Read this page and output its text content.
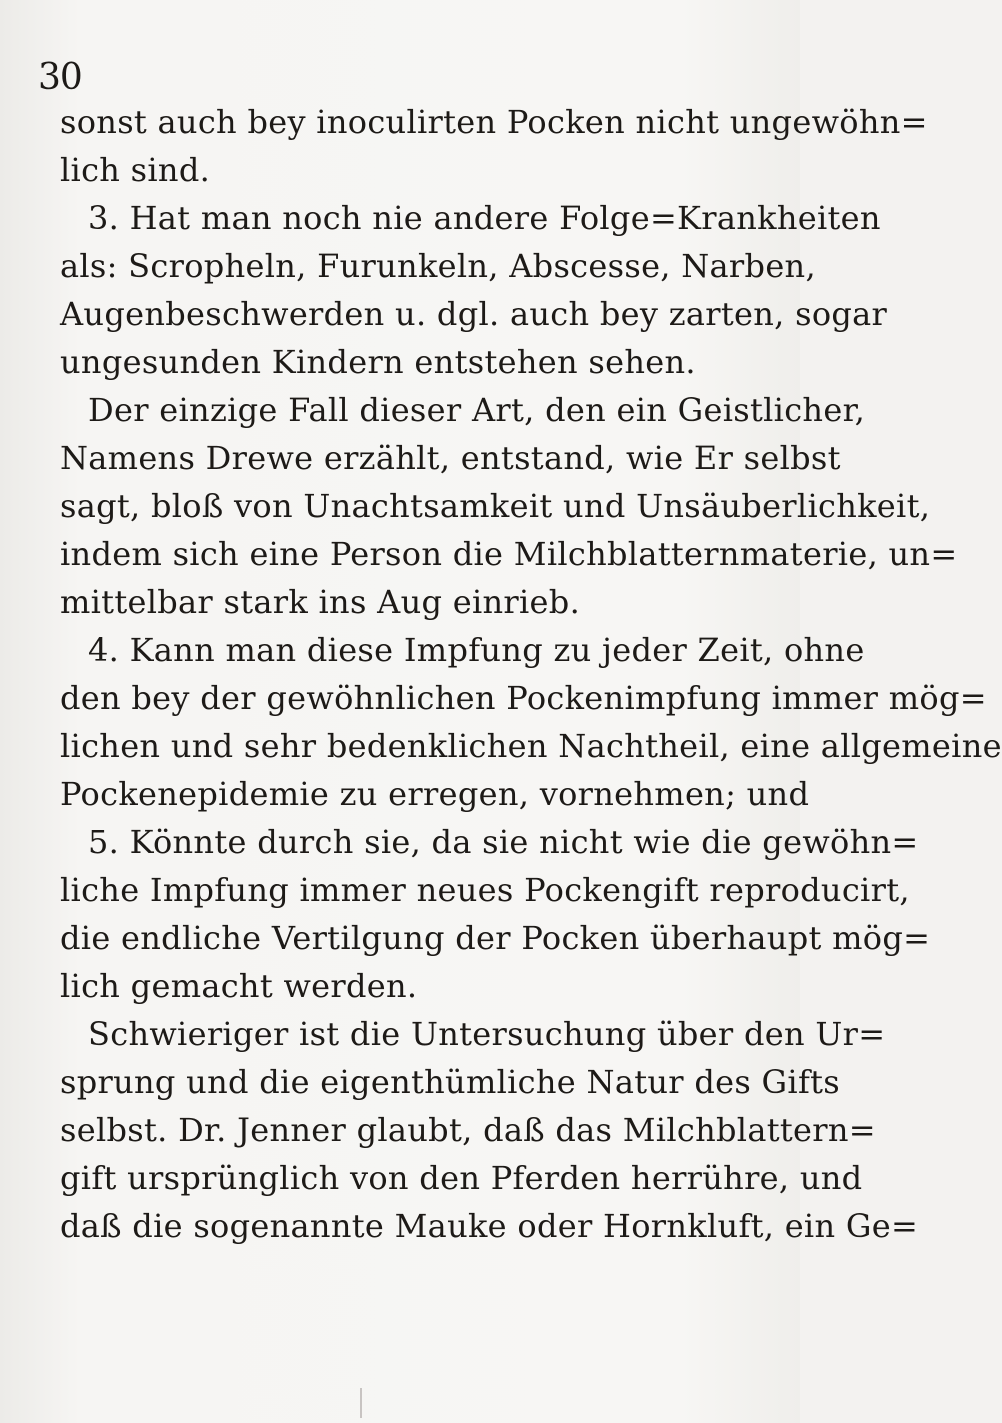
30
sonst auch bey inoculirten Pocken nicht ungewöhn=
lich sind.
3. Hat man noch nie andere Folge=Krankheiten
als: Scropheln, Furunkeln, Abscesse, Narben,
Augenbeschwerden u. dgl. auch bey zarten, sogar
ungesunden Kindern entstehen sehen.
Der einzige Fall dieser Art, den ein Geistlicher,
Namens Drewe erzählt, entstand, wie Er selbst
sagt, bloß von Unachtsamkeit und Unsäuberlichkeit,
indem sich eine Person die Milchblatternmaterie, un=
mittelbar stark ins Aug einrieb.
4. Kann man diese Impfung zu jeder Zeit, ohne
den bey der gewöhnlichen Pockenimpfung immer mög=
lichen und sehr bedenklichen Nachtheil, eine allgemeine
Pockenepidemie zu erregen, vornehmen; und
5. Könnte durch sie, da sie nicht wie die gewöhn=
liche Impfung immer neues Pockengift reproducirt,
die endliche Vertilgung der Pocken überhaupt mög=
lich gemacht werden.
Schwieriger ist die Untersuchung über den Ur=
sprung und die eigenthümliche Natur des Gifts
selbst. Dr. Jenner glaubt, daß das Milchblattern=
gift ursprünglich von den Pferden herrühre, und
daß die sogenannte Mauke oder Hornkluft, ein Ge=
